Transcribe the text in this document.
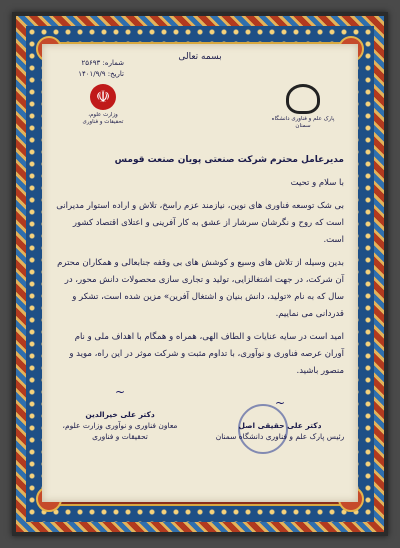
بسمه تعالی
شماره: ۲۵۶۹۳
تاریخ: ۱۴۰۱/۹/۹
☫
وزارت علوم، تحقیقات و فناوری	پارک علم و فناوری دانشگاه سمنان

مدیرعامل محترم شرکت صنعتی پویان صنعت قومس

با سلام و تحیت

بی شک توسعه فناوری های نوین، نیازمند عزم راسخ، تلاش و اراده استوار مدیرانی است که روح و نگرشان سرشار از عشق به کار آفرینی و اعتلای اقتصاد کشور است.

بدین وسیله از تلاش های وسیع و کوشش های بی وقفه جنابعالی و همکاران محترم آن شرکت، در جهت اشتغالزایی، تولید و تجاری سازی محصولات دانش محور، در سال که به نام «تولید، دانش بنیان و اشتغال آفرین» مزین شده است، تشکر و قدردانی می نماییم.

امید است در سایه عنایات و الطاف الهی، همراه و همگام با اهداف ملی و نام آوران عرصه فناوری و نوآوری، با تداوم مثبت و شرکت موثر در این راه، موید و منصور باشید.

~
دکتر علی خیرالدین
معاون فناوری و نوآوری وزارت علوم، تحقیقات و فناوری
~
دکتر علی حقیقی اصل
رئیس پارک علم و فناوری دانشگاه سمنان
